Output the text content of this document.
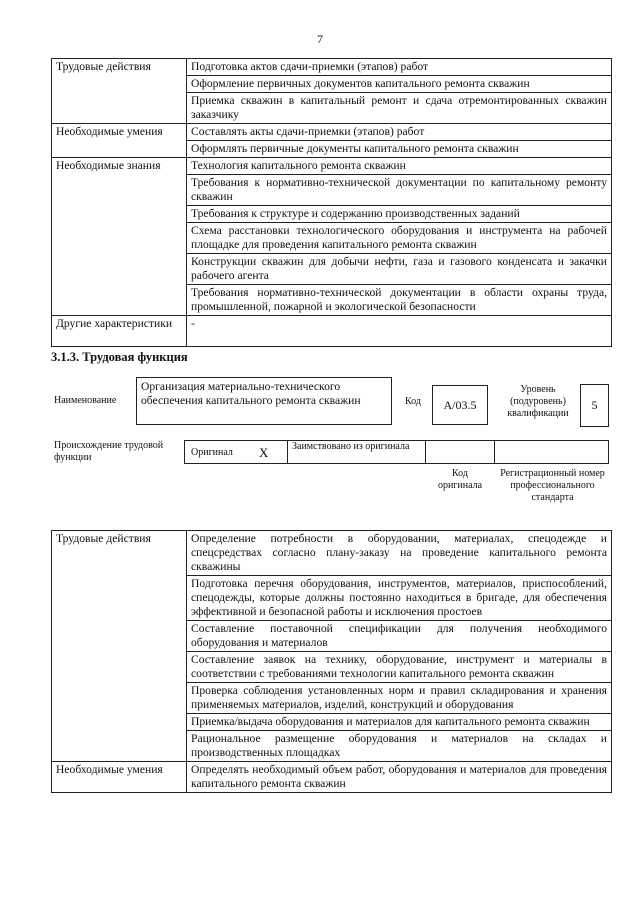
7
Трудовые действия	Подготовка актов сдачи-приемки (этапов) работ
	Оформление первичных документов капитального ремонта скважин
	Приемка скважин в капитальный ремонт и сдача отремонтированных скважин заказчику
Необходимые умения	Составлять акты сдачи-приемки (этапов) работ
	Оформлять первичные документы капитального ремонта скважин
Необходимые знания	Технология капитального ремонта скважин
	Требования к нормативно-технической документации по капитальному ремонту скважин
	Требования к структуре и содержанию производственных заданий
	Схема расстановки технологического оборудования и инструмента на рабочей площадке для проведения капитального ремонта скважин
	Конструкции скважин для добычи нефти, газа и газового конденсата и закачки рабочего агента
	Требования нормативно-технической документации в области охраны труда, промышленной, пожарной и экологической безопасности
Другие характеристики	-
3.1.3. Трудовая функция
Наименование
Организация материально-технического обеспечения капитального ремонта скважин	Код	А/03.5
Уровень (подуровень) квалификации
5
Происхождение трудовой функции	Оригинал Х Заимствовано из оригинала
Код оригинала
Регистрационный номер профессионального стандарта
Трудовые действия	Определение потребности в оборудовании, материалах, спецодежде и спецсредствах согласно плану-заказу на проведение капитального ремонта скважины
	Подготовка перечня оборудования, инструментов, материалов, приспособлений, спецодежды, которые должны постоянно находиться в бригаде, для обеспечения эффективной и безопасной работы и исключения простоев
	Составление поставочной спецификации для получения необходимого оборудования и материалов
	Составление заявок на технику, оборудование, инструмент и материалы в соответствии с требованиями технологии капитального ремонта скважин
	Проверка соблюдения установленных норм и правил складирования и хранения применяемых материалов, изделий, конструкций и оборудования
	Приемка/выдача оборудования и материалов для капитального ремонта скважин
	Рациональное размещение оборудования и материалов на складах и производственных площадках
Необходимые умения	Определять необходимый объем работ, оборудования и материалов для проведения капитального ремонта скважин
